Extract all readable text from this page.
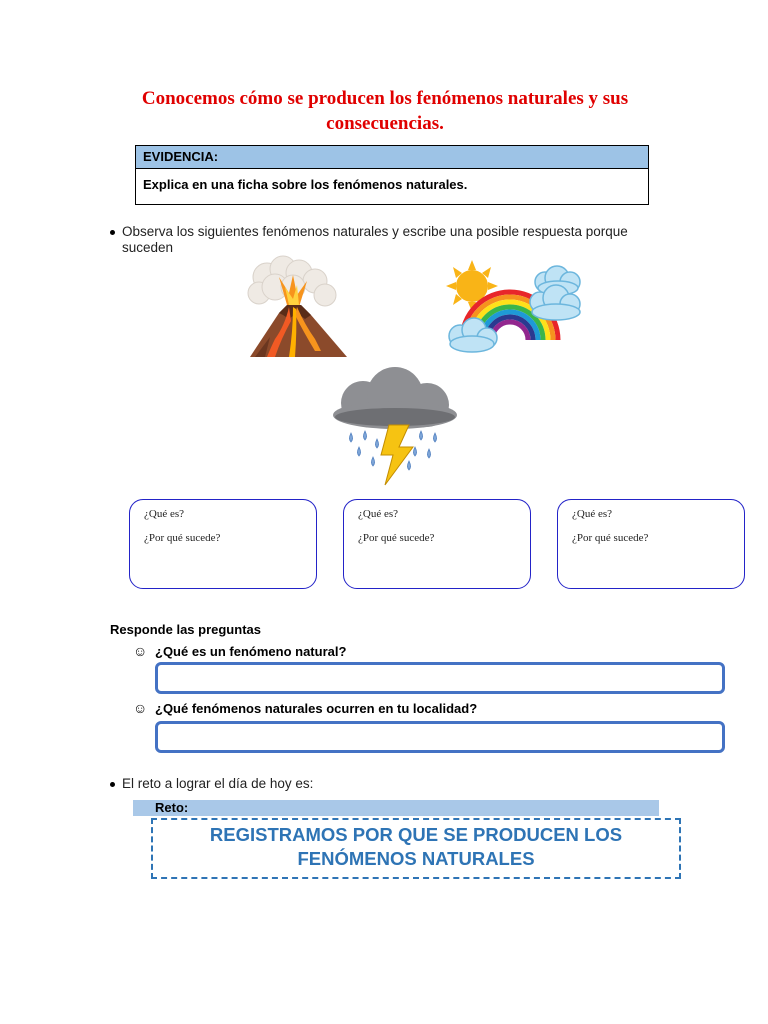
Conocemos cómo se producen los fenómenos naturales y sus consecuencias.
EVIDENCIA:
Explica en una ficha sobre los fenómenos naturales.
Observa los siguientes fenómenos naturales y escribe una posible respuesta porque suceden
¿Qué es?
¿Por qué sucede?
¿Qué es?
¿Por qué sucede?
¿Qué es?
¿Por qué sucede?
Responde las preguntas
☺ ¿Qué es un fenómeno natural?
☺ ¿Qué fenómenos naturales ocurren en tu localidad?
El reto a lograr el día de hoy es:
Reto:
REGISTRAMOS POR QUE SE PRODUCEN LOS FENÓMENOS NATURALES
